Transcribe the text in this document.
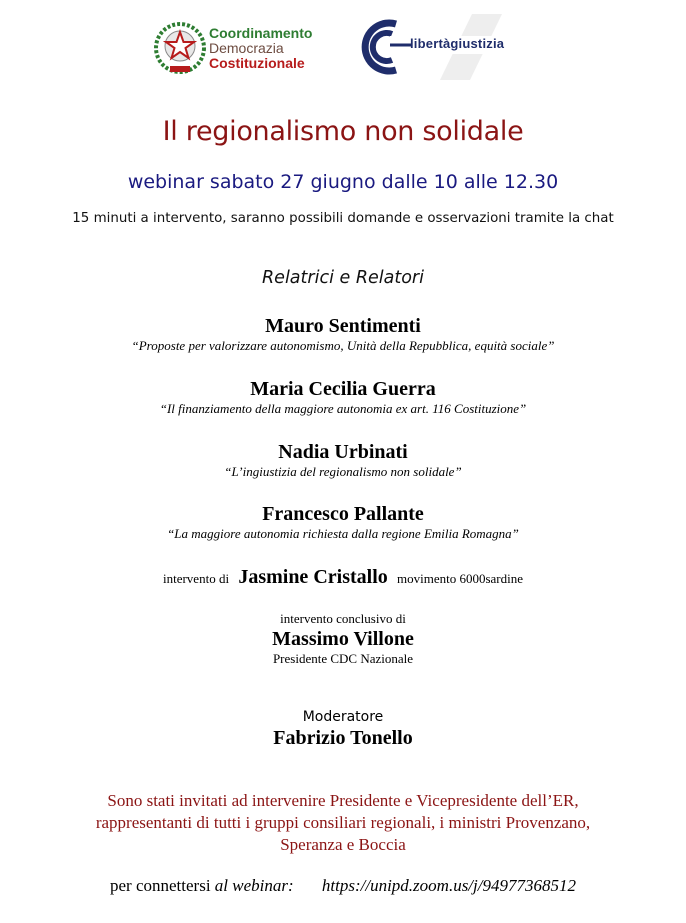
Coordinamento
Democrazia
Costituzionale
libertàgiustizia
Il regionalismo non solidale
webinar sabato 27 giugno dalle 10 alle 12.30
15 minuti a intervento, saranno possibili domande e osservazioni tramite la chat
Relatrici e Relatori
Mauro Sentimenti
“Proposte per valorizzare autonomismo, Unità della Repubblica, equità sociale”
Maria Cecilia Guerra
“Il finanziamento della maggiore autonomia ex art. 116 Costituzione”
Nadia Urbinati
“L’ingiustizia del regionalismo non solidale”
Francesco Pallante
“La maggiore autonomia richiesta dalla regione Emilia Romagna”
intervento di Jasmine Cristallo movimento 6000sardine
intervento conclusivo di
Massimo Villone
Presidente CDC Nazionale
Moderatore
Fabrizio Tonello
Sono stati invitati ad intervenire Presidente e Vicepresidente dell’ER,
rappresentanti di tutti i gruppi consiliari regionali, i ministri Provenzano,
Speranza e Boccia
per connettersi al webinar: https://unipd.zoom.us/j/94977368512
